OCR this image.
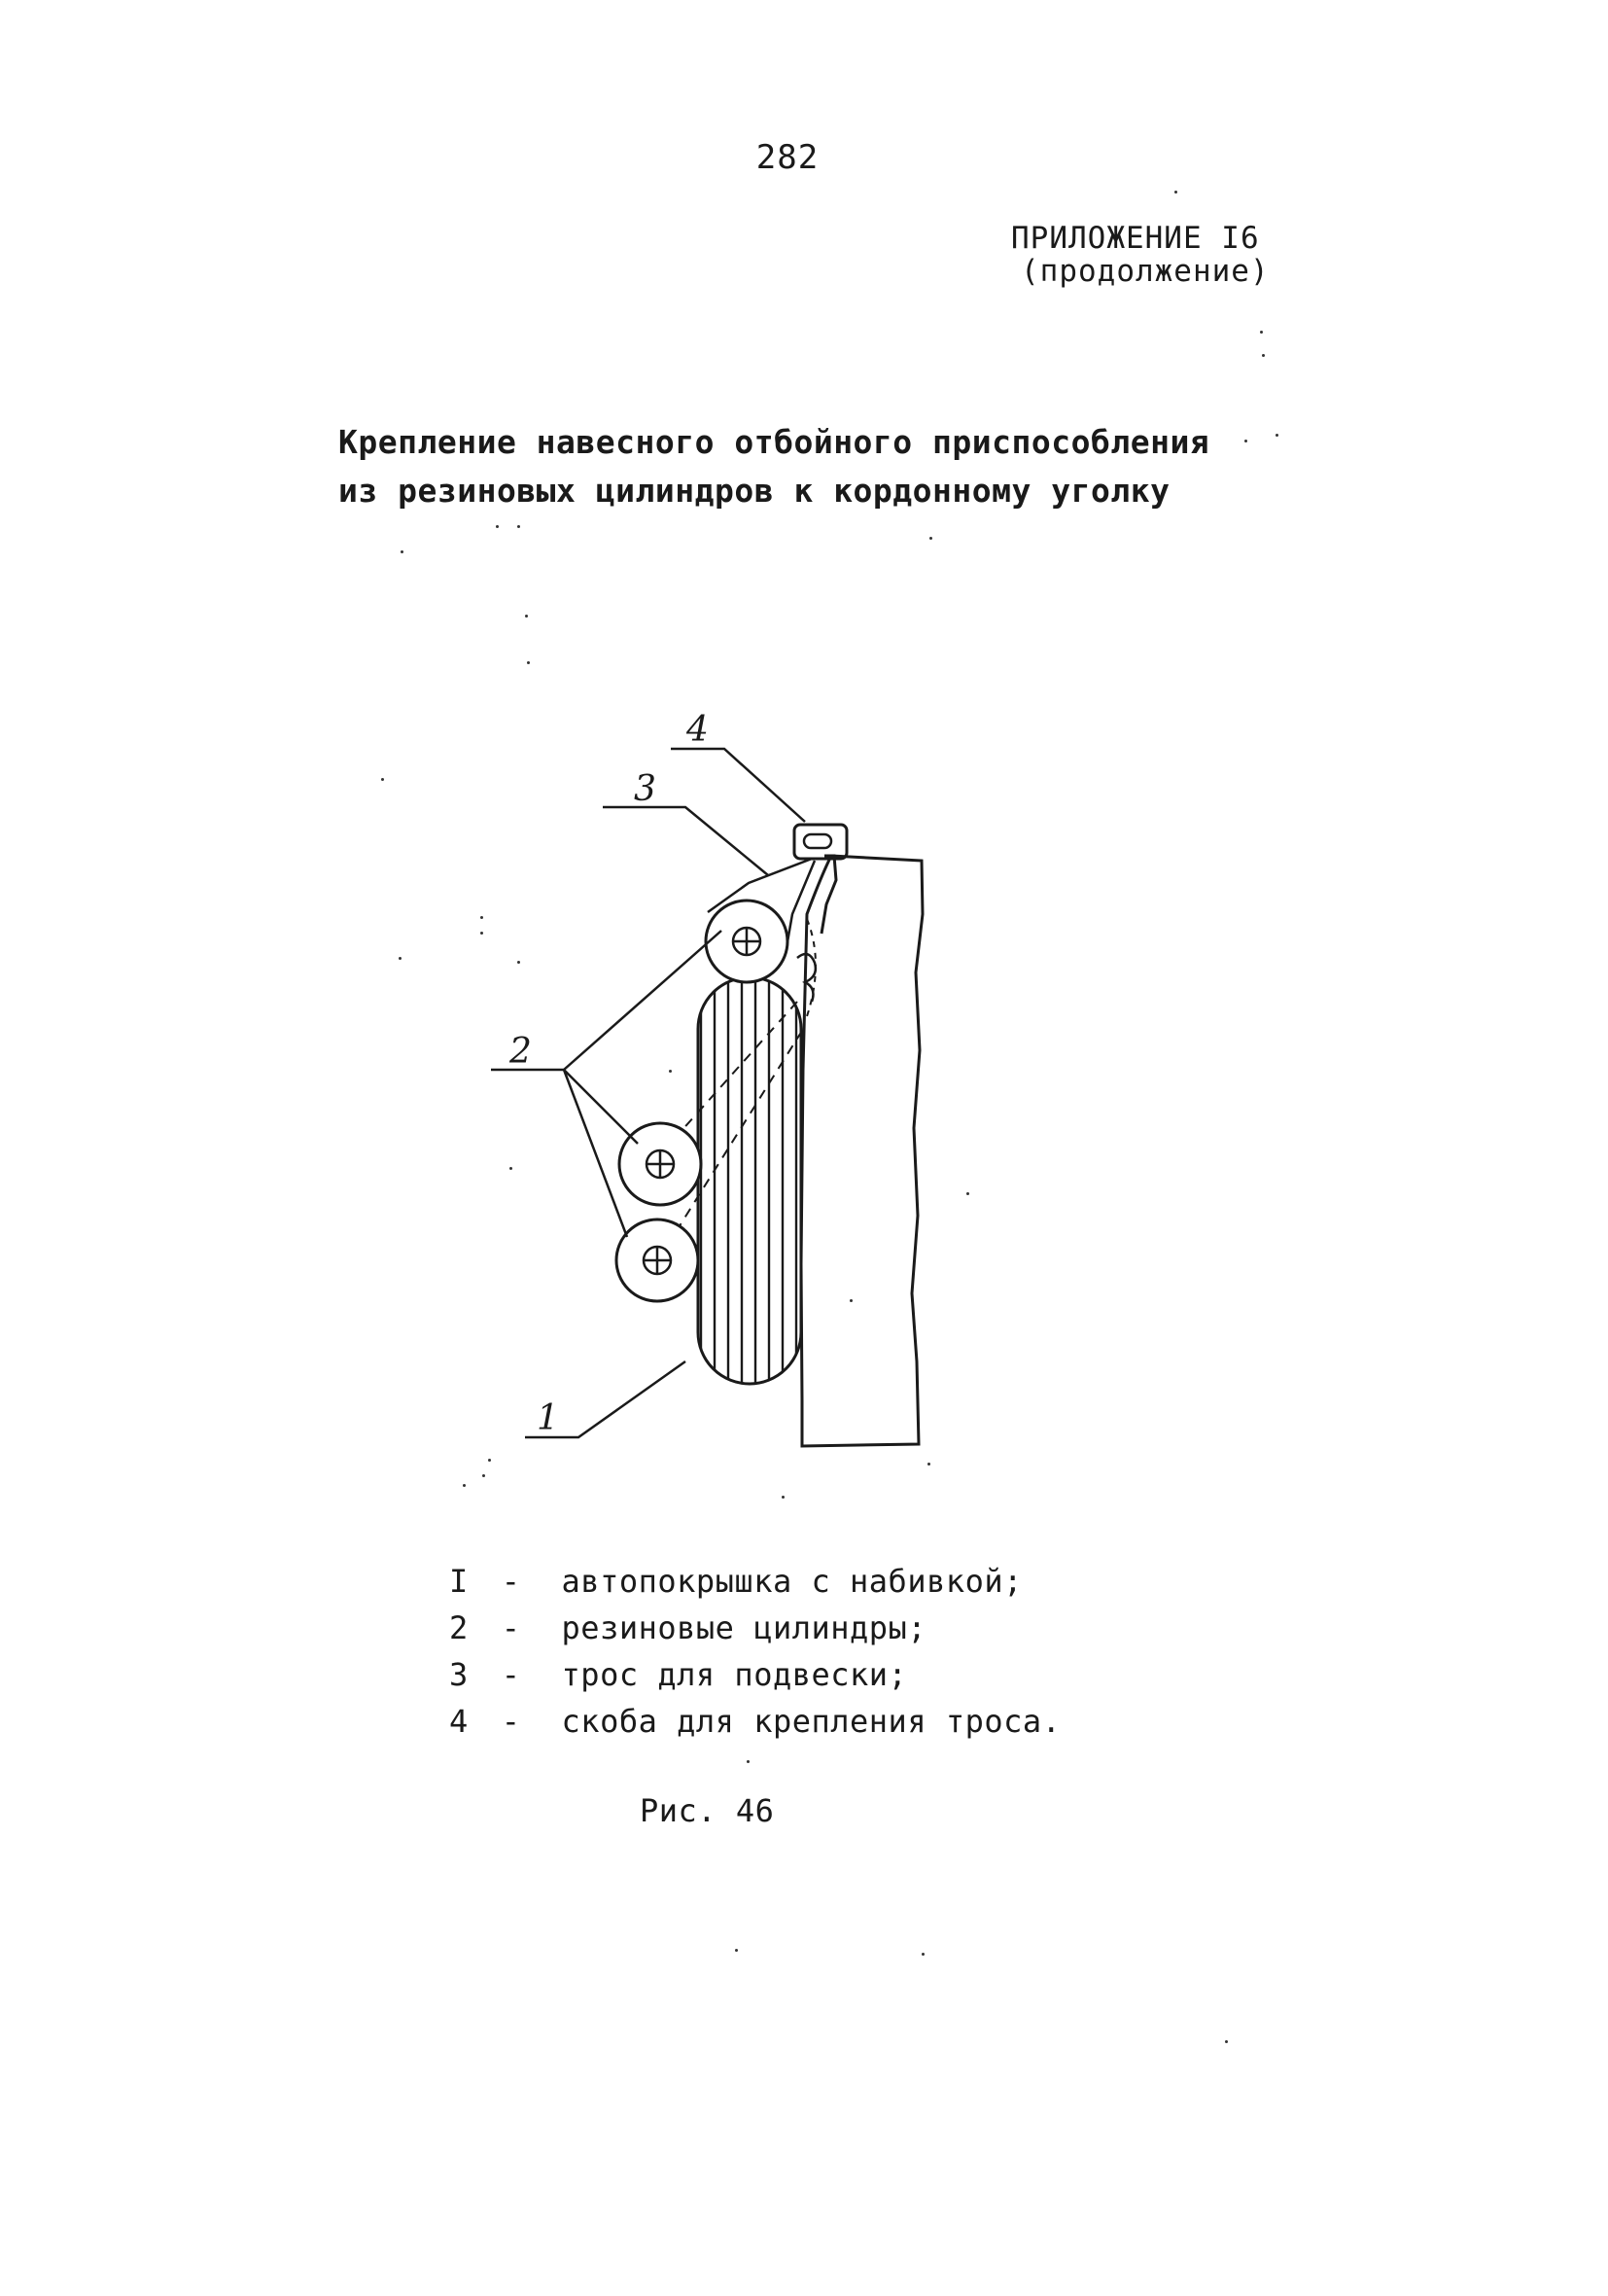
282
ПРИЛОЖЕНИЕ I6
(продолжение)
Крепление навесного отбойного приспособления
из резиновых цилиндров к кордонному уголку
4
3
2
1
I - автопокрышка с набивкой;
2 - резиновые цилиндры;
3 - трос для подвески;
4 - скоба для крепления троса.
Рис. 46
